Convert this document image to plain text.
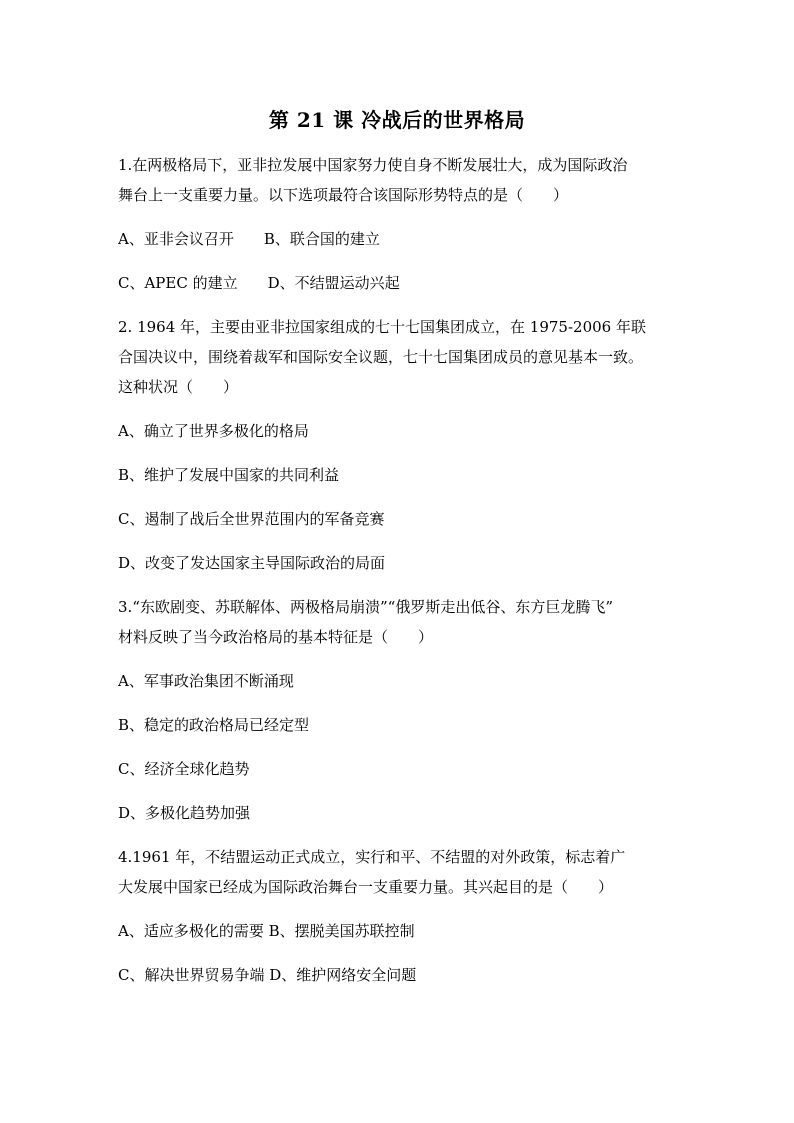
第 21 课 冷战后的世界格局
1.在两极格局下，亚非拉发展中国家努力使自身不断发展壮大，成为国际政治
舞台上一支重要力量。以下选项最符合该国际形势特点的是（　　）
A、亚非会议召开　　B、联合国的建立
C、APEC 的建立　　D、不结盟运动兴起
2. 1964 年，主要由亚非拉国家组成的七十七国集团成立，在 1975-2006 年联
合国决议中，围绕着裁军和国际安全议题，七十七国集团成员的意见基本一致。
这种状况（　　）
A、确立了世界多极化的格局
B、维护了发展中国家的共同利益
C、遏制了战后全世界范围内的军备竞赛
D、改变了发达国家主导国际政治的局面
3.“东欧剧变、苏联解体、两极格局崩溃”“俄罗斯走出低谷、东方巨龙腾飞”
材料反映了当今政治格局的基本特征是（　　）
A、军事政治集团不断涌现
B、稳定的政治格局已经定型
C、经济全球化趋势
D、多极化趋势加强
4.1961 年，不结盟运动正式成立，实行和平、不结盟的对外政策，标志着广
大发展中国家已经成为国际政治舞台一支重要力量。其兴起目的是（　　）
A、适应多极化的需要 B、摆脱美国苏联控制
C、解决世界贸易争端 D、维护网络安全问题
